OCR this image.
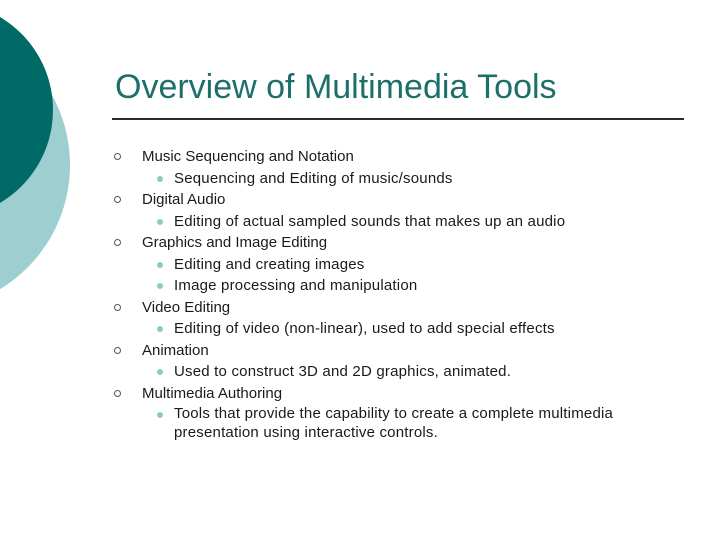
Overview of Multimedia Tools
Music Sequencing and Notation
Sequencing and Editing of music/sounds
Digital Audio
Editing of actual sampled sounds that makes up an audio
Graphics and Image Editing
Editing and creating images
Image processing and manipulation
Video Editing
Editing of video (non-linear), used to add special effects
Animation
Used to construct 3D and 2D graphics, animated.
Multimedia Authoring
Tools that provide the capability to create a complete multimedia presentation using interactive controls.
